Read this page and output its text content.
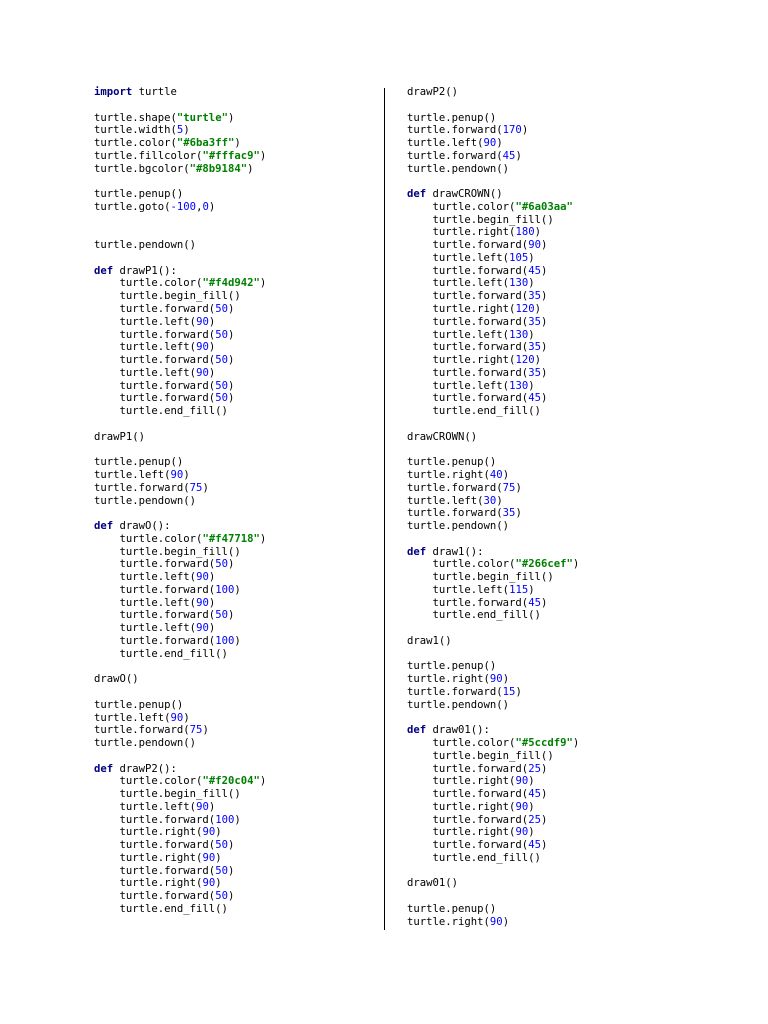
import turtle
turtle.shape("turtle")
turtle.width(5)
turtle.color("#6ba3ff")
turtle.fillcolor("#fffac9")
turtle.bgcolor("#8b9184")
turtle.penup()
turtle.goto(-100,0)
turtle.pendown()
def drawP1():
turtle.color("#f4d942")
turtle.begin_fill()
turtle.forward(50)
turtle.left(90)
turtle.forward(50)
turtle.left(90)
turtle.forward(50)
turtle.left(90)
turtle.forward(50)
turtle.forward(50)
turtle.end_fill()
drawP1()
turtle.penup()
turtle.left(90)
turtle.forward(75)
turtle.pendown()
def drawO():
turtle.color("#f47718")
turtle.begin_fill()
turtle.forward(50)
turtle.left(90)
turtle.forward(100)
turtle.left(90)
turtle.forward(50)
turtle.left(90)
turtle.forward(100)
turtle.end_fill()
drawO()
turtle.penup()
turtle.left(90)
turtle.forward(75)
turtle.pendown()
def drawP2():
turtle.color("#f20c04")
turtle.begin_fill()
turtle.left(90)
turtle.forward(100)
turtle.right(90)
turtle.forward(50)
turtle.right(90)
turtle.forward(50)
turtle.right(90)
turtle.forward(50)
turtle.end_fill()
drawP2()
turtle.penup()
turtle.forward(170)
turtle.left(90)
turtle.forward(45)
turtle.pendown()
def drawCROWN()
turtle.color("#6a03aa"
turtle.begin_fill()
turtle.right(180)
turtle.forward(90)
turtle.left(105)
turtle.forward(45)
turtle.left(130)
turtle.forward(35)
turtle.right(120)
turtle.forward(35)
turtle.left(130)
turtle.forward(35)
turtle.right(120)
turtle.forward(35)
turtle.left(130)
turtle.forward(45)
turtle.end_fill()
drawCROWN()
turtle.penup()
turtle.right(40)
turtle.forward(75)
turtle.left(30)
turtle.forward(35)
turtle.pendown()
def draw1():
turtle.color("#266cef")
turtle.begin_fill()
turtle.left(115)
turtle.forward(45)
turtle.end_fill()
draw1()
turtle.penup()
turtle.right(90)
turtle.forward(15)
turtle.pendown()
def draw01():
turtle.color("#5ccdf9")
turtle.begin_fill()
turtle.forward(25)
turtle.right(90)
turtle.forward(45)
turtle.right(90)
turtle.forward(25)
turtle.right(90)
turtle.forward(45)
turtle.end_fill()
draw01()
turtle.penup()
turtle.right(90)
